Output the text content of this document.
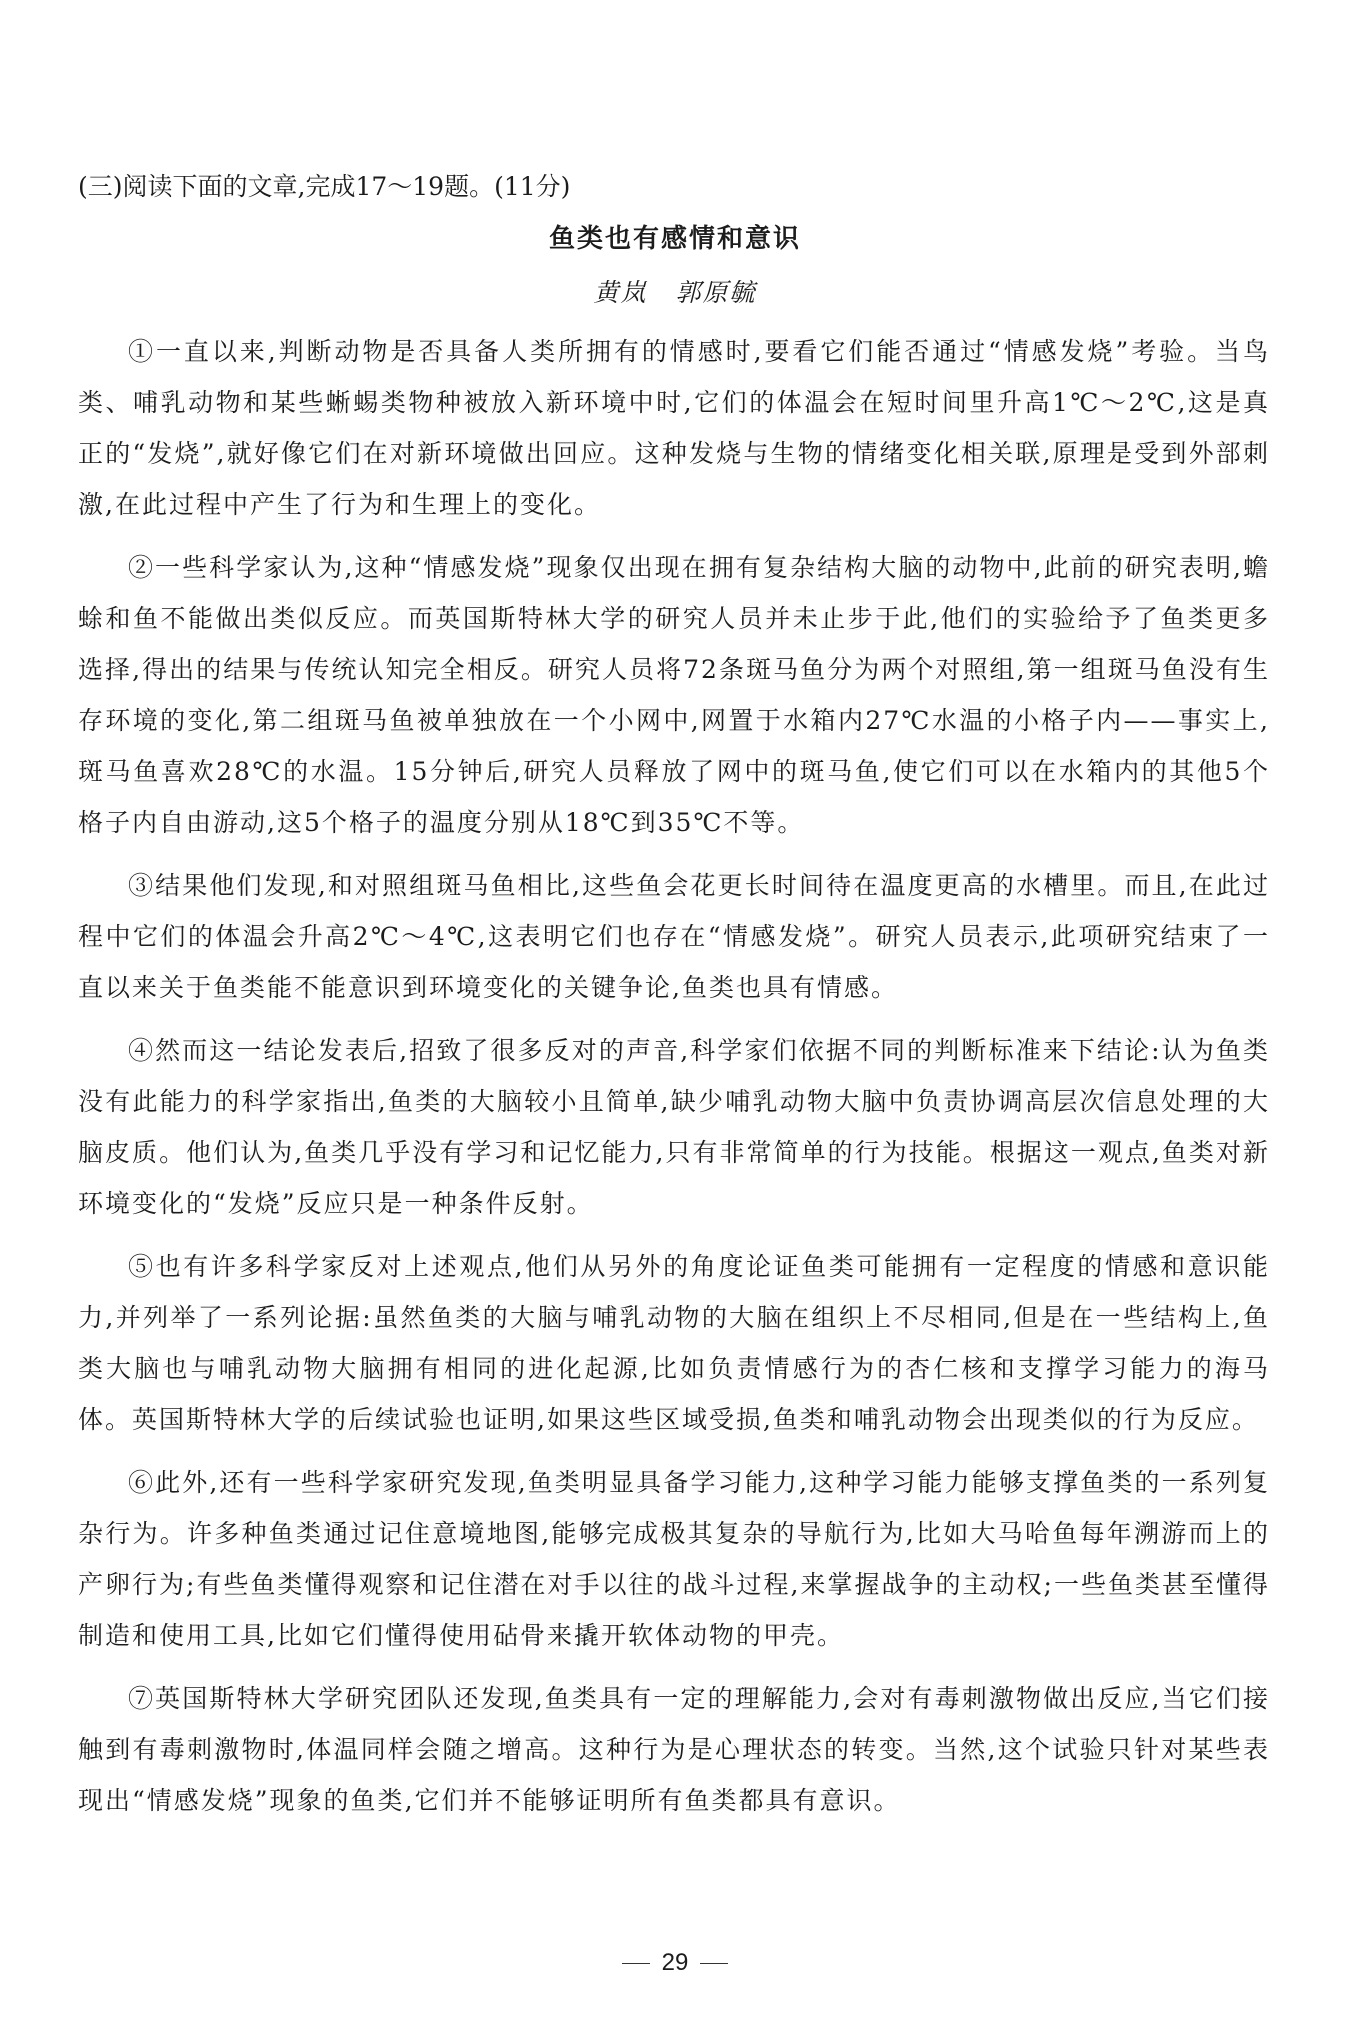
(三)阅读下面的文章,完成17～19题。(11分)
鱼类也有感情和意识
黄岚 郭原毓

①一直以来,判断动物是否具备人类所拥有的情感时,要看它们能否通过“情感发烧”考验。当鸟类、哺乳动物和某些蜥蜴类物种被放入新环境中时,它们的体温会在短时间里升高1℃～2℃,这是真正的“发烧”,就好像它们在对新环境做出回应。这种发烧与生物的情绪变化相关联,原理是受到外部刺激,在此过程中产生了行为和生理上的变化。

②一些科学家认为,这种“情感发烧”现象仅出现在拥有复杂结构大脑的动物中,此前的研究表明,蟾蜍和鱼不能做出类似反应。而英国斯特林大学的研究人员并未止步于此,他们的实验给予了鱼类更多选择,得出的结果与传统认知完全相反。研究人员将72条斑马鱼分为两个对照组,第一组斑马鱼没有生存环境的变化,第二组斑马鱼被单独放在一个小网中,网置于水箱内27℃水温的小格子内——事实上,斑马鱼喜欢28℃的水温。15分钟后,研究人员释放了网中的斑马鱼,使它们可以在水箱内的其他5个格子内自由游动,这5个格子的温度分别从18℃到35℃不等。

③结果他们发现,和对照组斑马鱼相比,这些鱼会花更长时间待在温度更高的水槽里。而且,在此过程中它们的体温会升高2℃～4℃,这表明它们也存在“情感发烧”。研究人员表示,此项研究结束了一直以来关于鱼类能不能意识到环境变化的关键争论,鱼类也具有情感。

④然而这一结论发表后,招致了很多反对的声音,科学家们依据不同的判断标准来下结论:认为鱼类没有此能力的科学家指出,鱼类的大脑较小且简单,缺少哺乳动物大脑中负责协调高层次信息处理的大脑皮质。他们认为,鱼类几乎没有学习和记忆能力,只有非常简单的行为技能。根据这一观点,鱼类对新环境变化的“发烧”反应只是一种条件反射。

⑤也有许多科学家反对上述观点,他们从另外的角度论证鱼类可能拥有一定程度的情感和意识能力,并列举了一系列论据:虽然鱼类的大脑与哺乳动物的大脑在组织上不尽相同,但是在一些结构上,鱼类大脑也与哺乳动物大脑拥有相同的进化起源,比如负责情感行为的杏仁核和支撑学习能力的海马体。英国斯特林大学的后续试验也证明,如果这些区域受损,鱼类和哺乳动物会出现类似的行为反应。

⑥此外,还有一些科学家研究发现,鱼类明显具备学习能力,这种学习能力能够支撑鱼类的一系列复杂行为。许多种鱼类通过记住意境地图,能够完成极其复杂的导航行为,比如大马哈鱼每年溯游而上的产卵行为;有些鱼类懂得观察和记住潜在对手以往的战斗过程,来掌握战争的主动权;一些鱼类甚至懂得制造和使用工具,比如它们懂得使用砧骨来撬开软体动物的甲壳。

⑦英国斯特林大学研究团队还发现,鱼类具有一定的理解能力,会对有毒刺激物做出反应,当它们接触到有毒刺激物时,体温同样会随之增高。这种行为是心理状态的转变。当然,这个试验只针对某些表现出“情感发烧”现象的鱼类,它们并不能够证明所有鱼类都具有意识。

29
